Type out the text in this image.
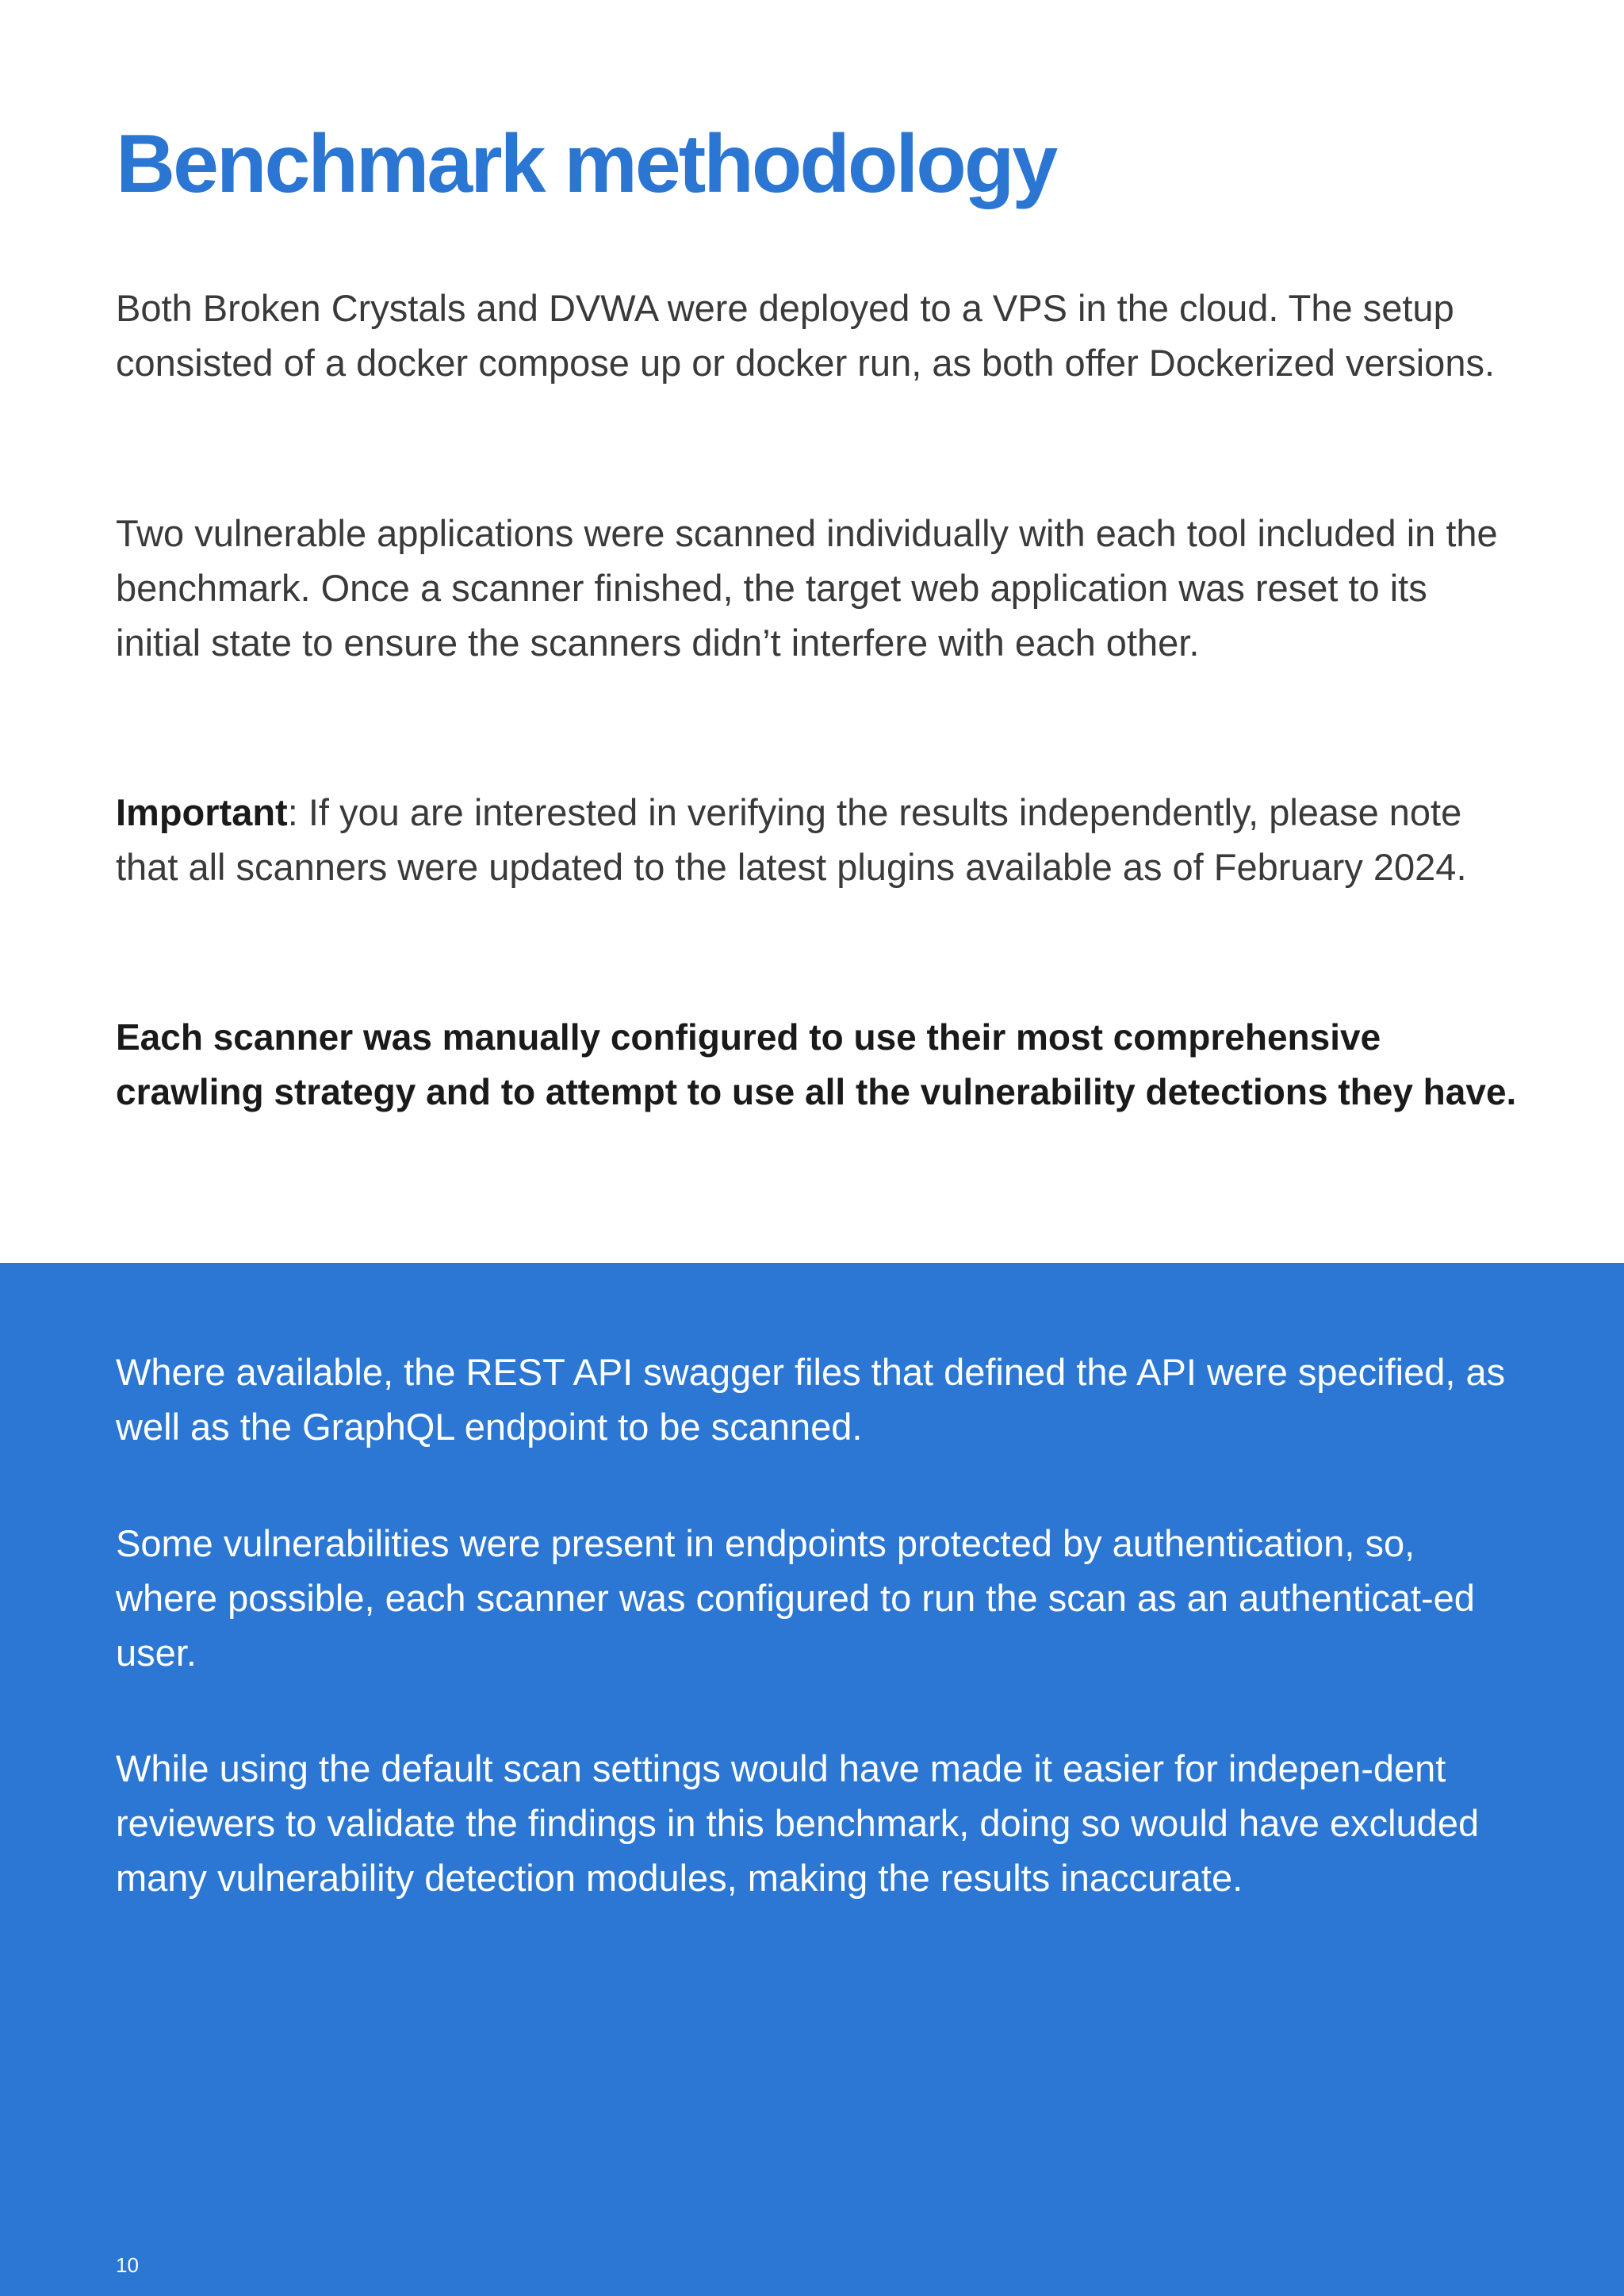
Benchmark methodology

Both Broken Crystals and DVWA were deployed to a VPS in the cloud. The setup consisted of a docker compose up or docker run, as both offer Dockerized versions.

Two vulnerable applications were scanned individually with each tool included in the benchmark. Once a scanner finished, the target web application was reset to its initial state to ensure the scanners didn’t interfere with each other.

Important: If you are interested in verifying the results independently, please note that all scanners were updated to the latest plugins available as of February 2024.

Each scanner was manually configured to use their most comprehensive crawling strategy and to attempt to use all the vulnerability detections they have.

Where available, the REST API swagger files that defined the API were specified, as well as the GraphQL endpoint to be scanned.

Some vulnerabilities were present in endpoints protected by authentication, so, where possible, each scanner was configured to run the scan as an authenticat-ed user.

While using the default scan settings would have made it easier for indepen-dent reviewers to validate the findings in this benchmark, doing so would have excluded many vulnerability detection modules, making the results inaccurate.

10
